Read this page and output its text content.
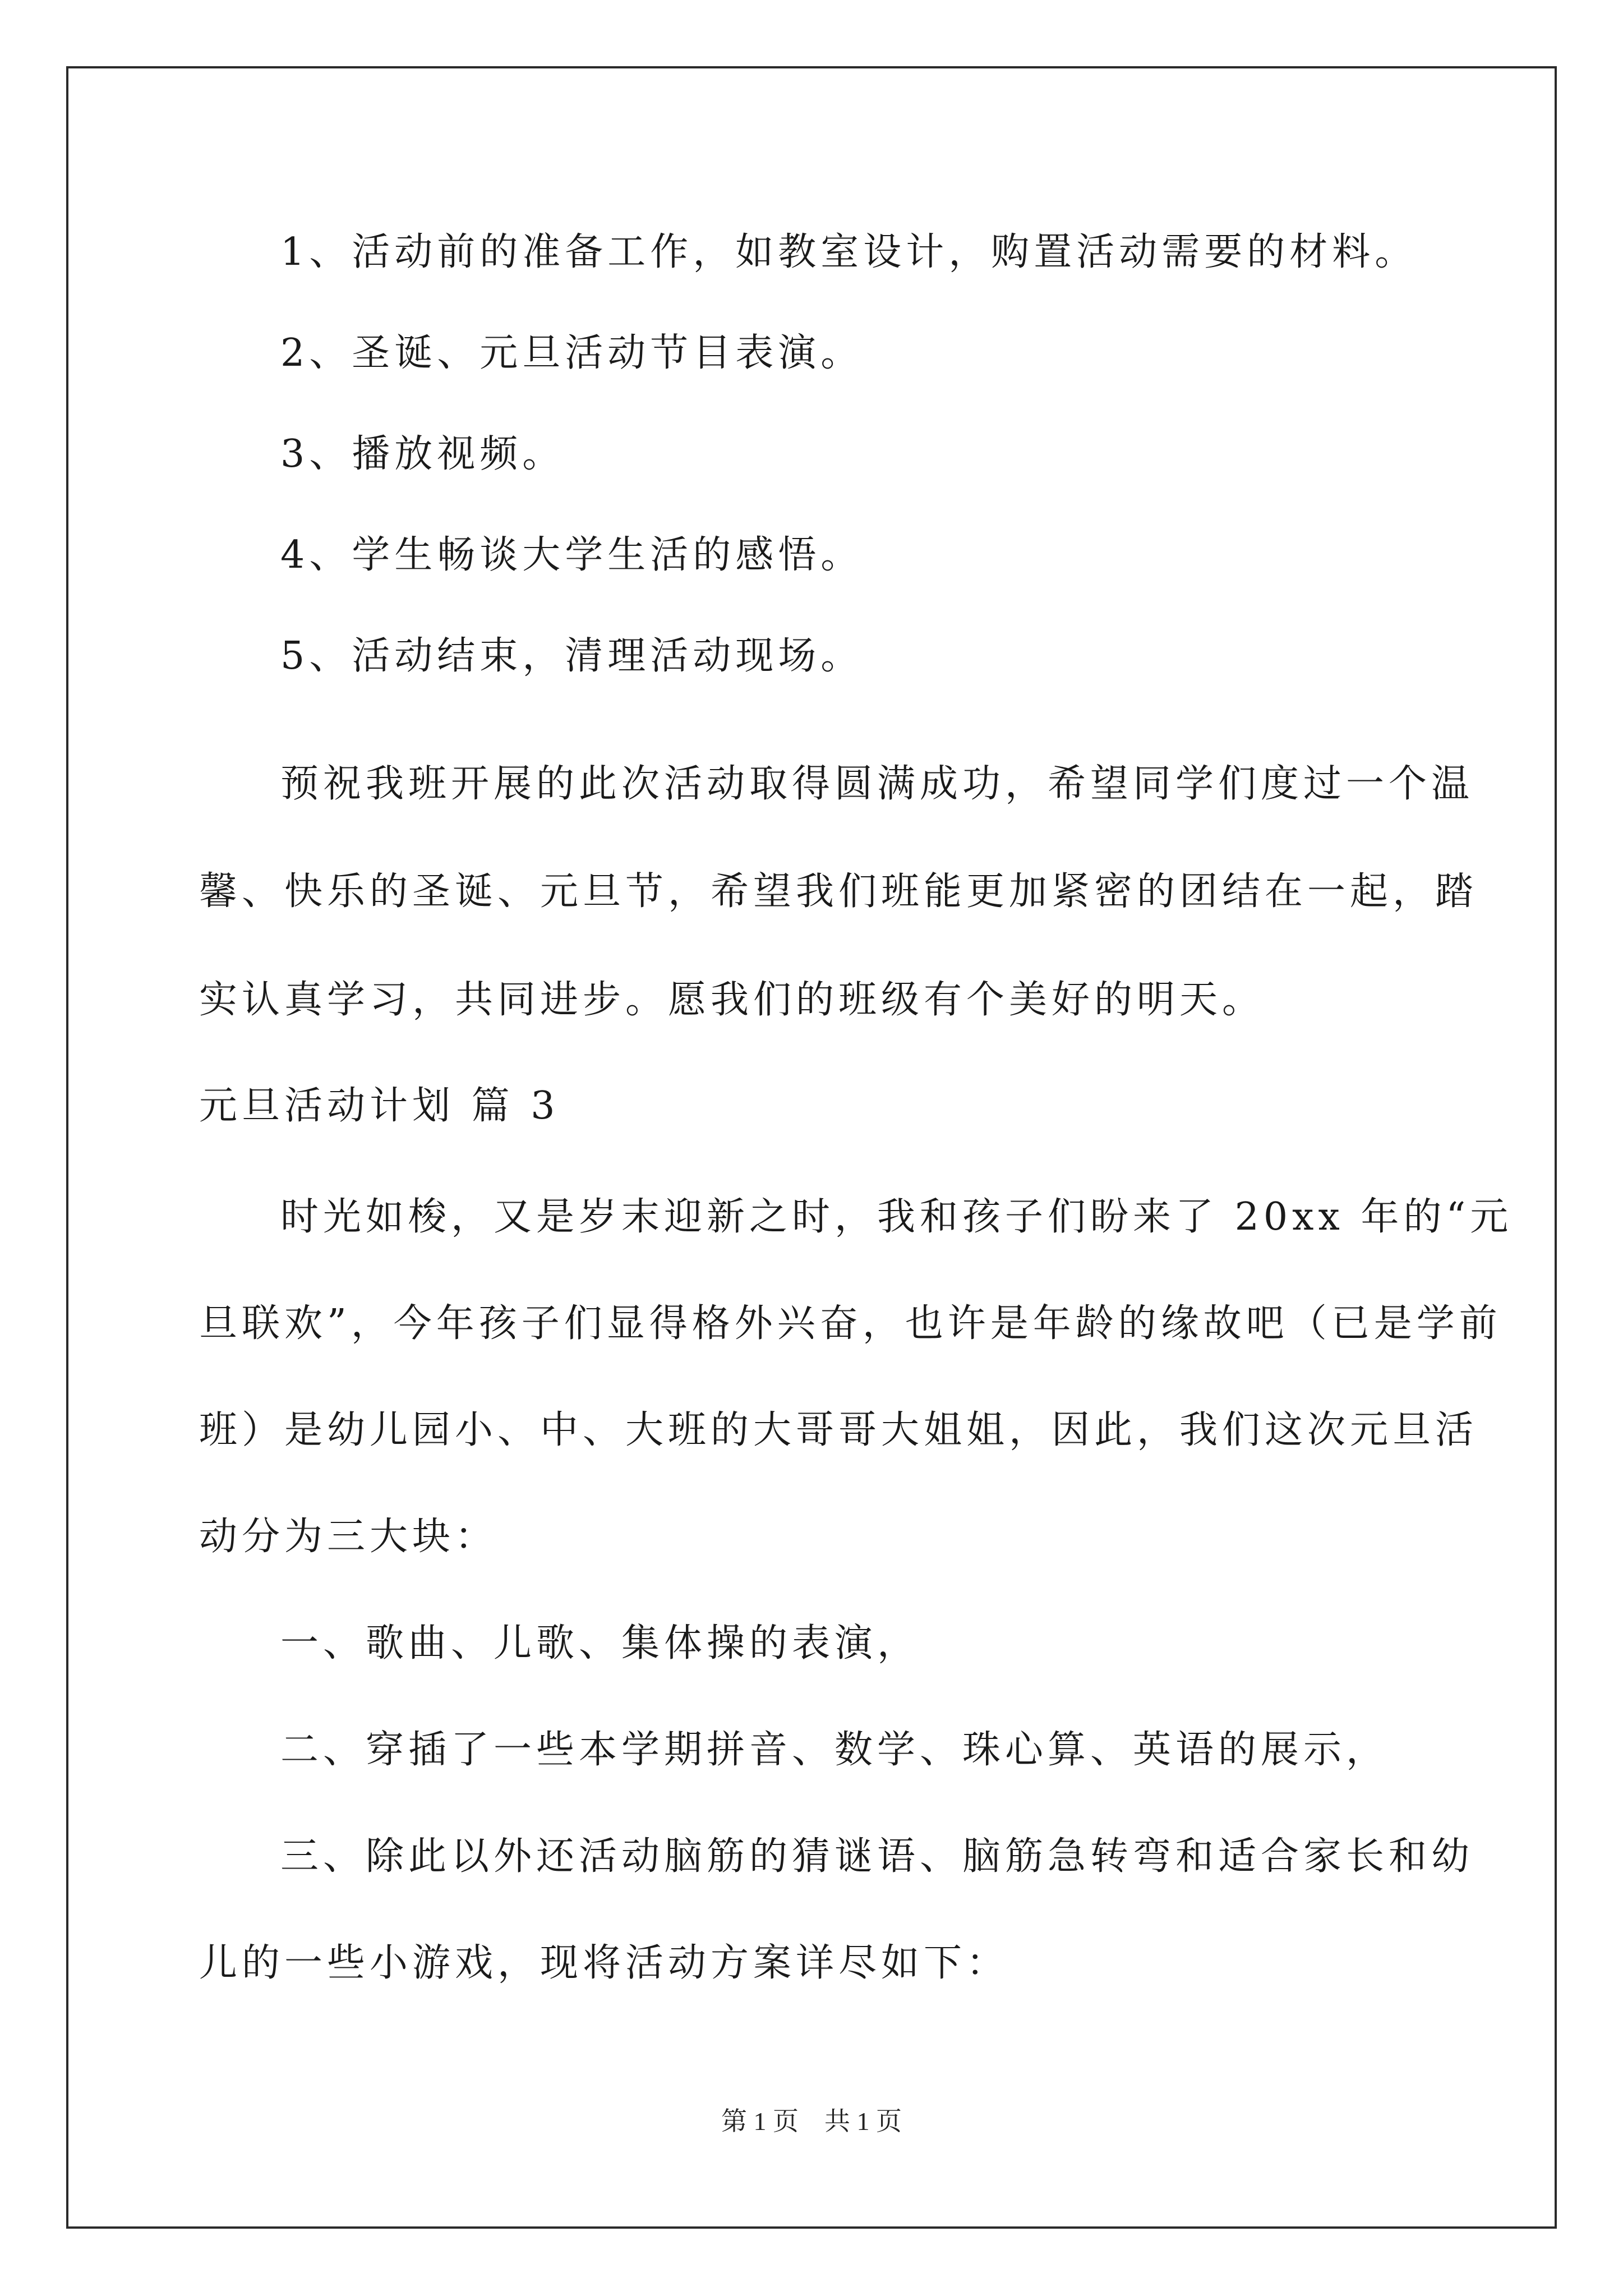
1、活动前的准备工作，如教室设计，购置活动需要的材料。
2、圣诞、元旦活动节目表演。
3、播放视频。
4、学生畅谈大学生活的感悟。
5、活动结束，清理活动现场。
预祝我班开展的此次活动取得圆满成功，希望同学们度过一个温
馨、快乐的圣诞、元旦节，希望我们班能更加紧密的团结在一起，踏
实认真学习，共同进步。愿我们的班级有个美好的明天。
元旦活动计划 篇 3
时光如梭，又是岁末迎新之时，我和孩子们盼来了 20xx 年的“元
旦联欢”，今年孩子们显得格外兴奋，也许是年龄的缘故吧（已是学前
班）是幼儿园小、中、大班的大哥哥大姐姐，因此，我们这次元旦活
动分为三大块：
一、歌曲、儿歌、集体操的表演，
二、穿插了一些本学期拼音、数学、珠心算、英语的展示，
三、除此以外还活动脑筋的猜谜语、脑筋急转弯和适合家长和幼
儿的一些小游戏，现将活动方案详尽如下：
第 1 页　共 1 页
